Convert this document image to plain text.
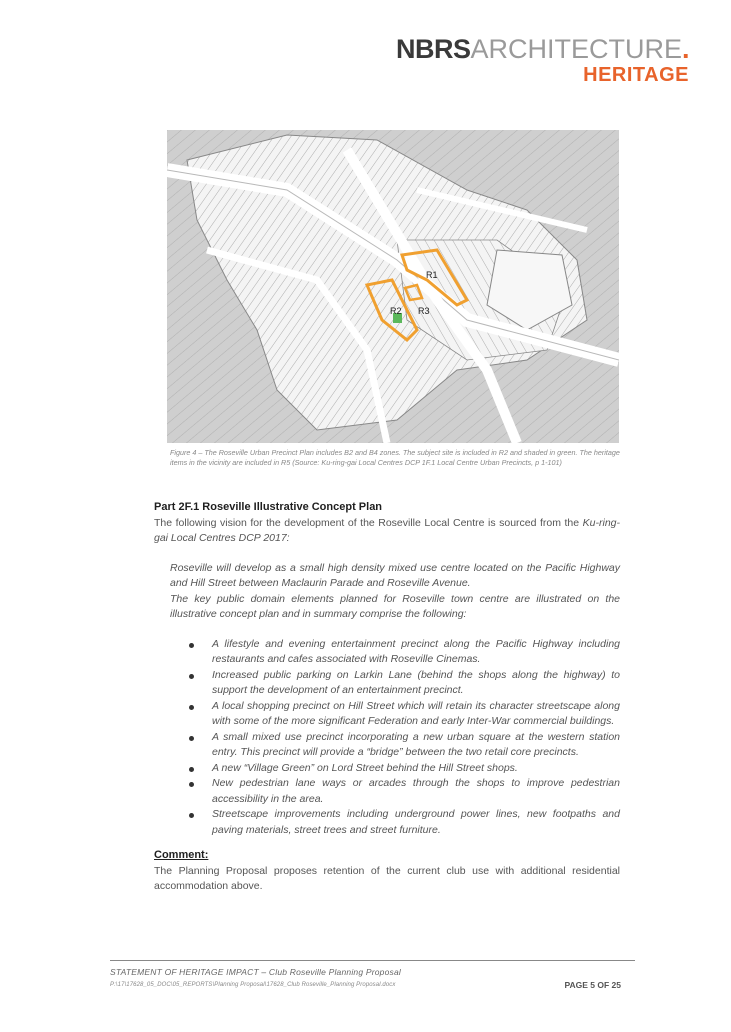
NBRSARCHITECTURE.
HERITAGE
R1
R2 R3
Figure 4 – The Roseville Urban Precinct Plan includes B2 and B4 zones. The subject site is included in R2 and shaded in green. The heritage items in the vicinity are included in R5 (Source: Ku-ring-gai Local Centres DCP 1F.1 Local Centre Urban Precincts, p 1-101)

Part 2F.1 Roseville Illustrative Concept Plan

The following vision for the development of the Roseville Local Centre is sourced from the Ku-ring-gai Local Centres DCP 2017:

Roseville will develop as a small high density mixed use centre located on the Pacific Highway and Hill Street between Maclaurin Parade and Roseville Avenue.

The key public domain elements planned for Roseville town centre are illustrated on the illustrative concept plan and in summary comprise the following:

A lifestyle and evening entertainment precinct along the Pacific Highway including restaurants and cafes associated with Roseville Cinemas.
Increased public parking on Larkin Lane (behind the shops along the highway) to support the development of an entertainment precinct.
A local shopping precinct on Hill Street which will retain its character streetscape along with some of the more significant Federation and early Inter-War commercial buildings.
A small mixed use precinct incorporating a new urban square at the western station entry. This precinct will provide a “bridge” between the two retail core precincts.
A new “Village Green” on Lord Street behind the Hill Street shops.
New pedestrian lane ways or arcades through the shops to improve pedestrian accessibility in the area.
Streetscape improvements including underground power lines, new footpaths and paving materials, street trees and street furniture.

Comment:

The Planning Proposal proposes retention of the current club use with additional residential accommodation above.

STATEMENT OF HERITAGE IMPACT – Club Roseville Planning Proposal
P:\17\17628_05_DOC\05_REPORTS\Planning Proposal\17628_Club Roseville_Planning Proposal.docx	PAGE 5 OF 25
